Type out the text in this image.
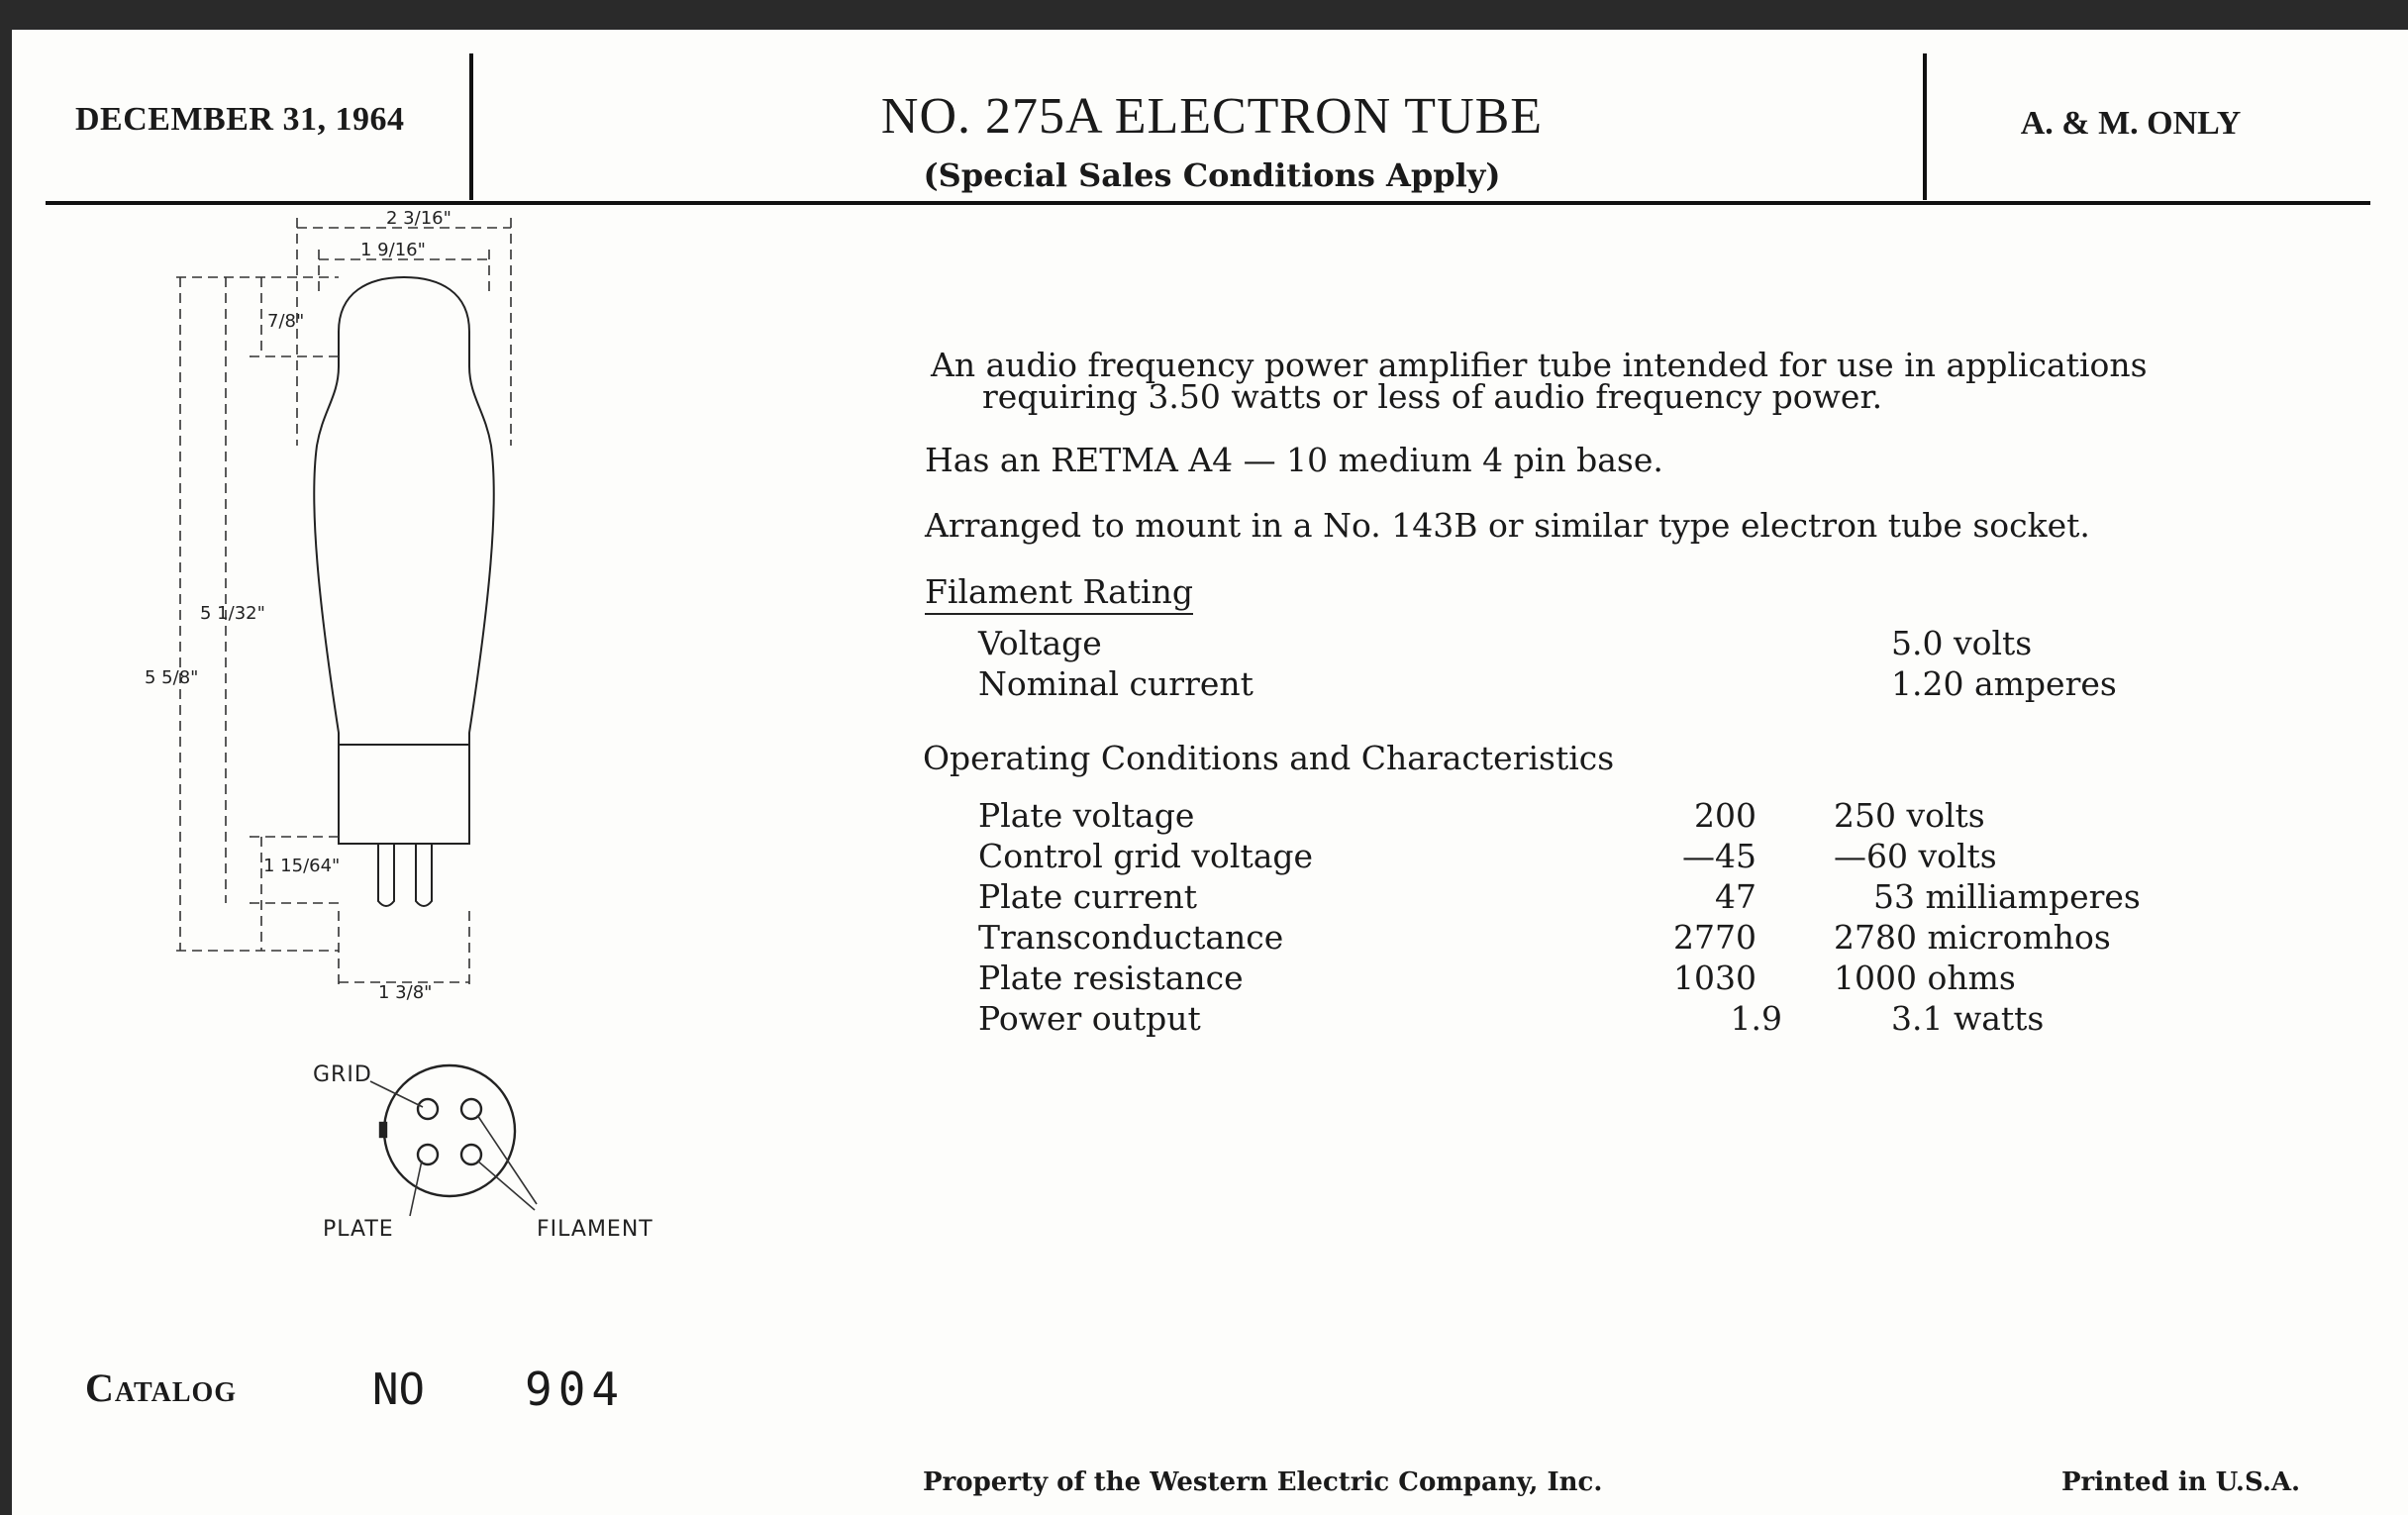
DECEMBER 31, 1964	NO. 275A ELECTRON TUBE
(Special Sales Conditions Apply)
A. & M. ONLY
2 3/16"
1 9/16"
7/8"
5 1/32"
5 5/8"
1 15/64"
1 3/8"
GRID
PLATE	FILAMENT
An audio frequency power amplifier tube intended for use in applications
requiring 3.50 watts or less of audio frequency power.
Has an RETMA A4 — 10 medium 4 pin base.
Arranged to mount in a No. 143B or similar type electron tube socket.
Filament Rating
Voltage	5.0 volts
Nominal current	1.20 amperes
Operating Conditions and Characteristics
Plate voltage	200 250 volts
Control grid voltage	—45 —60 volts
Plate current	47	53 milliamperes
Transconductance	2770 2780 micromhos
Plate resistance	1030 1000 ohms
Power output	1.9	3.1 watts
Catalog	NO 904
Property of the Western Electric Company, Inc.	Printed in U.S.A.
